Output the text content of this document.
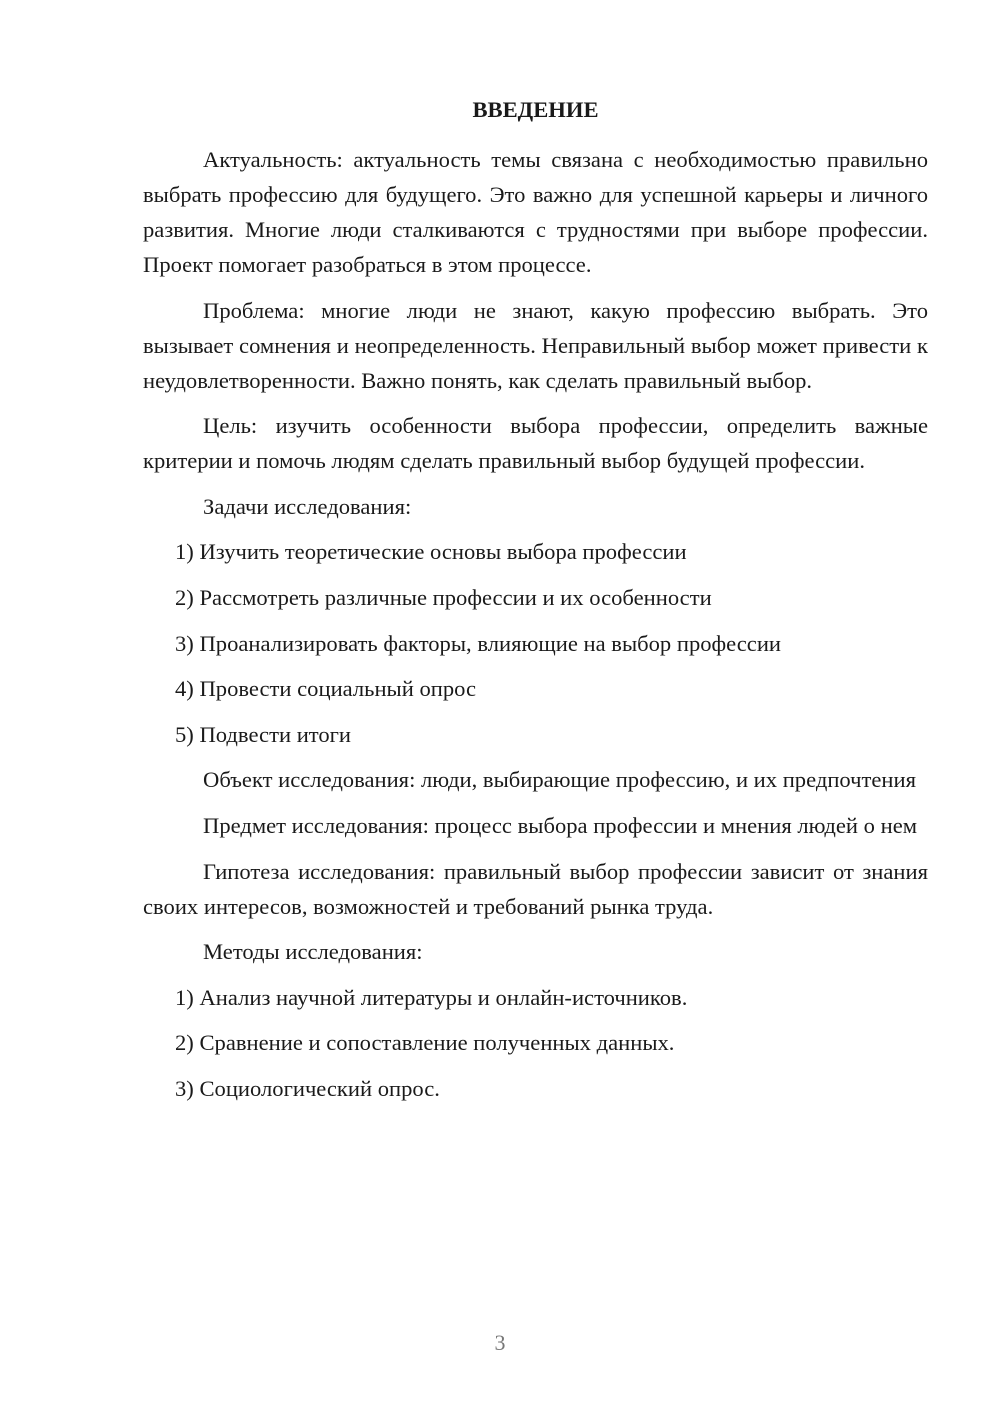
ВВЕДЕНИЕ

Актуальность: актуальность темы связана с необходимостью правильно выбрать профессию для будущего. Это важно для успешной карьеры и личного развития. Многие люди сталкиваются с трудностями при выборе профессии. Проект помогает разобраться в этом процессе.

Проблема: многие люди не знают, какую профессию выбрать. Это вызывает сомнения и неопределенность. Неправильный выбор может привести к неудовлетворенности. Важно понять, как сделать правильный выбор.

Цель: изучить особенности выбора профессии, определить важные критерии и помочь людям сделать правильный выбор будущей профессии.

Задачи исследования:

1) Изучить теоретические основы выбора профессии

2) Рассмотреть различные профессии и их особенности

3) Проанализировать факторы, влияющие на выбор профессии

4) Провести социальный опрос

5) Подвести итоги

Объект исследования: люди, выбирающие профессию, и их предпочтения

Предмет исследования: процесс выбора профессии и мнения людей о нем

Гипотеза исследования: правильный выбор профессии зависит от знания своих интересов, возможностей и требований рынка труда.

Методы исследования:

1) Анализ научной литературы и онлайн-источников.

2) Сравнение и сопоставление полученных данных.

3) Социологический опрос.

3
